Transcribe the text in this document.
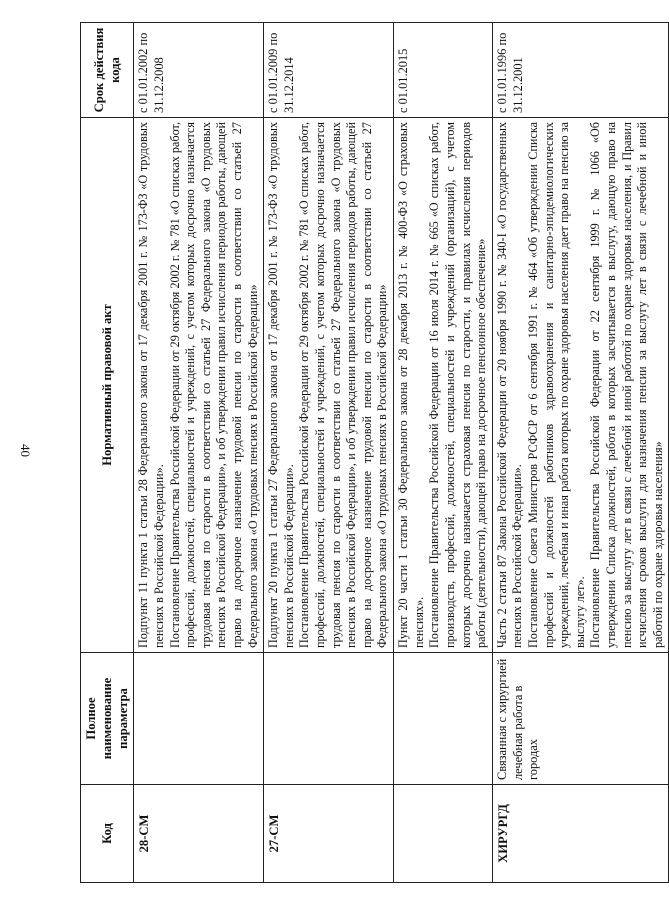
40
Код	Полное наименование параметра	Нормативный правовой акт	Срок действия кода
28-СМ		Подпункт 11 пункта 1 статьи 28 Федерального закона от 17 декабря 2001 г. № 173-ФЗ «О трудовых пенсиях в Российской Федерации». Постановление Правительства Российской Федерации от 29 октября 2002 г. № 781 «О списках работ, профессий, должностей, специальностей и учреждений, с учетом которых досрочно назначается трудовая пенсия по старости в соответствии со статьей 27 Федерального закона «О трудовых пенсиях в Российской Федерации», и об утверждении правил исчисления периодов работы, дающей право на досрочное назначение трудовой пенсии по старости в соответствии со статьей 27 Федерального закона «О трудовых пенсиях в Российской Федерации»	с 01.01.2002 по 31.12.2008
27-СМ		Подпункт 20 пункта 1 статьи 27 Федерального закона от 17 декабря 2001 г. № 173-ФЗ «О трудовых пенсиях в Российской Федерации». Постановление Правительства Российской Федерации от 29 октября 2002 г. № 781 «О списках работ, профессий, должностей, специальностей и учреждений, с учетом которых досрочно назначается трудовая пенсия по старости в соответствии со статьей 27 Федерального закона «О трудовых пенсиях в Российской Федерации», и об утверждении правил исчисления периодов работы, дающей право на досрочное назначение трудовой пенсии по старости в соответствии со статьей 27 Федерального закона «О трудовых пенсиях в Российской Федерации»	с 01.01.2009 по 31.12.2014

		Пункт 20 части 1 статьи 30 Федерального закона от 28 декабря 2013 г. № 400-ФЗ «О страховых пенсиях». Постановление Правительства Российской Федерации от 16 июля 2014 г. № 665 «О списках работ, производств, профессий, должностей, специальностей и учреждений (организаций), с учетом которых досрочно назначается страховая пенсия по старости, и правилах исчисления периодов работы (деятельности), дающей право на досрочное пенсионное обеспечение»	с 01.01.2015
ХИРУРГД	Связанная с хирургией лечебная работа в городах	Часть 2 статьи 87 Закона Российской Федерации от 20 ноября 1990 г. № 340-I «О государственных пенсиях в Российской Федерации». Постановление Совета Министров РСФСР от 6 сентября 1991 г. № 464 «Об утверждении Списка профессий и должностей работников здравоохранения и санитарно-эпидемиологических учреждений, лечебная и иная работа которых по охране здоровья населения дает право на пенсию за выслугу лет». Постановление Правительства Российской Федерации от 22 сентября 1999 г. № 1066 «Об утверждении Списка должностей, работа в которых засчитывается в выслугу, дающую право на пенсию за выслугу лет в связи с лечебной и иной работой по охране здоровья населения, и Правил исчисления сроков выслуги для назначения пенсии за выслугу лет в связи с лечебной и иной работой по охране здоровья населения»	с 01.01.1996 по 31.12.2001
